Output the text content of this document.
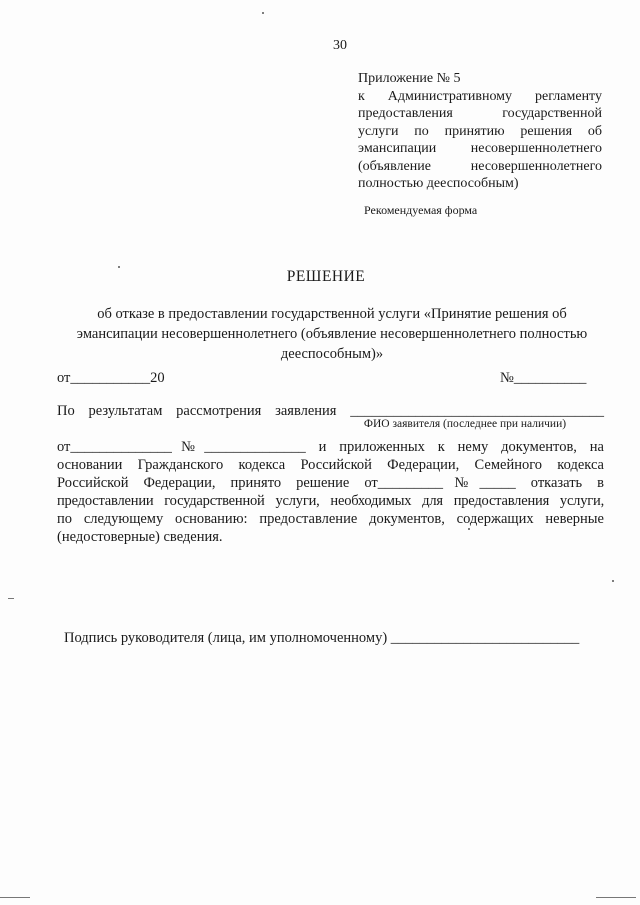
30
Приложение № 5
к Административному регламенту
предоставления государственной
услуги по принятию решения об
эмансипации несовершеннолетнего
(объявление несовершеннолетнего
полностью дееспособным)
Рекомендуемая форма
РЕШЕНИЕ
об отказе в предоставлении государственной услуги «Принятие решения об
эмансипации несовершеннолетнего (объявление несовершеннолетнего полностью
дееспособным)»
от___________20	№__________
По результатам рассмотрения заявления ___________________________________
от______________№______________ и приложенных к нему документов, на
основании Гражданского кодекса Российской Федерации, Семейного кодекса
Российской Федерации, принято решение от_________№_____ отказать в
предоставлении государственной услуги, необходимых для предоставления услуги,
по следующему основанию: предоставление документов, содержащих неверные
(недостоверные) сведения.
ФИО заявителя (последнее при наличии)
Подпись руководителя (лица, им уполномоченному) __________________________
